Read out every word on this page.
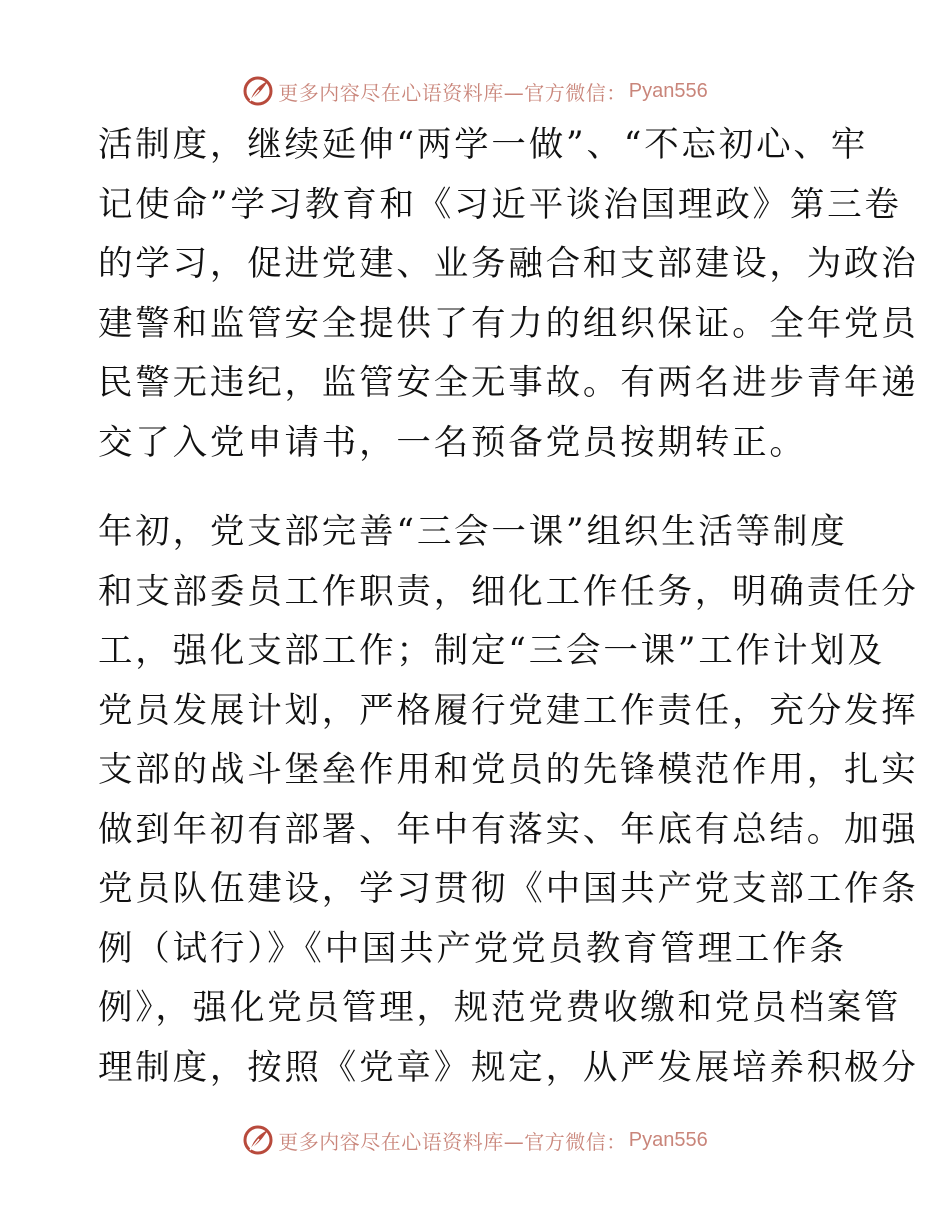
更多内容尽在心语资料库—官方微信： Pyan556
活制度，继续延伸“两学一做”、“不忘初心、牢
记使命”学习教育和《习近平谈治国理政》第三卷
的学习，促进党建、业务融合和支部建设，为政治
建警和监管安全提供了有力的组织保证。全年党员
民警无违纪，监管安全无事故。有两名进步青年递
交了入党申请书，一名预备党员按期转正。
年初，党支部完善“三会一课”组织生活等制度
和支部委员工作职责，细化工作任务，明确责任分
工，强化支部工作；制定“三会一课”工作计划及
党员发展计划，严格履行党建工作责任，充分发挥
支部的战斗堡垒作用和党员的先锋模范作用，扎实
做到年初有部署、年中有落实、年底有总结。加强
党员队伍建设，学习贯彻《中国共产党支部工作条
例（试行）》《中国共产党党员教育管理工作条
例》，强化党员管理，规范党费收缴和党员档案管
理制度，按照《党章》规定，从严发展培养积极分
更多内容尽在心语资料库—官方微信： Pyan556
